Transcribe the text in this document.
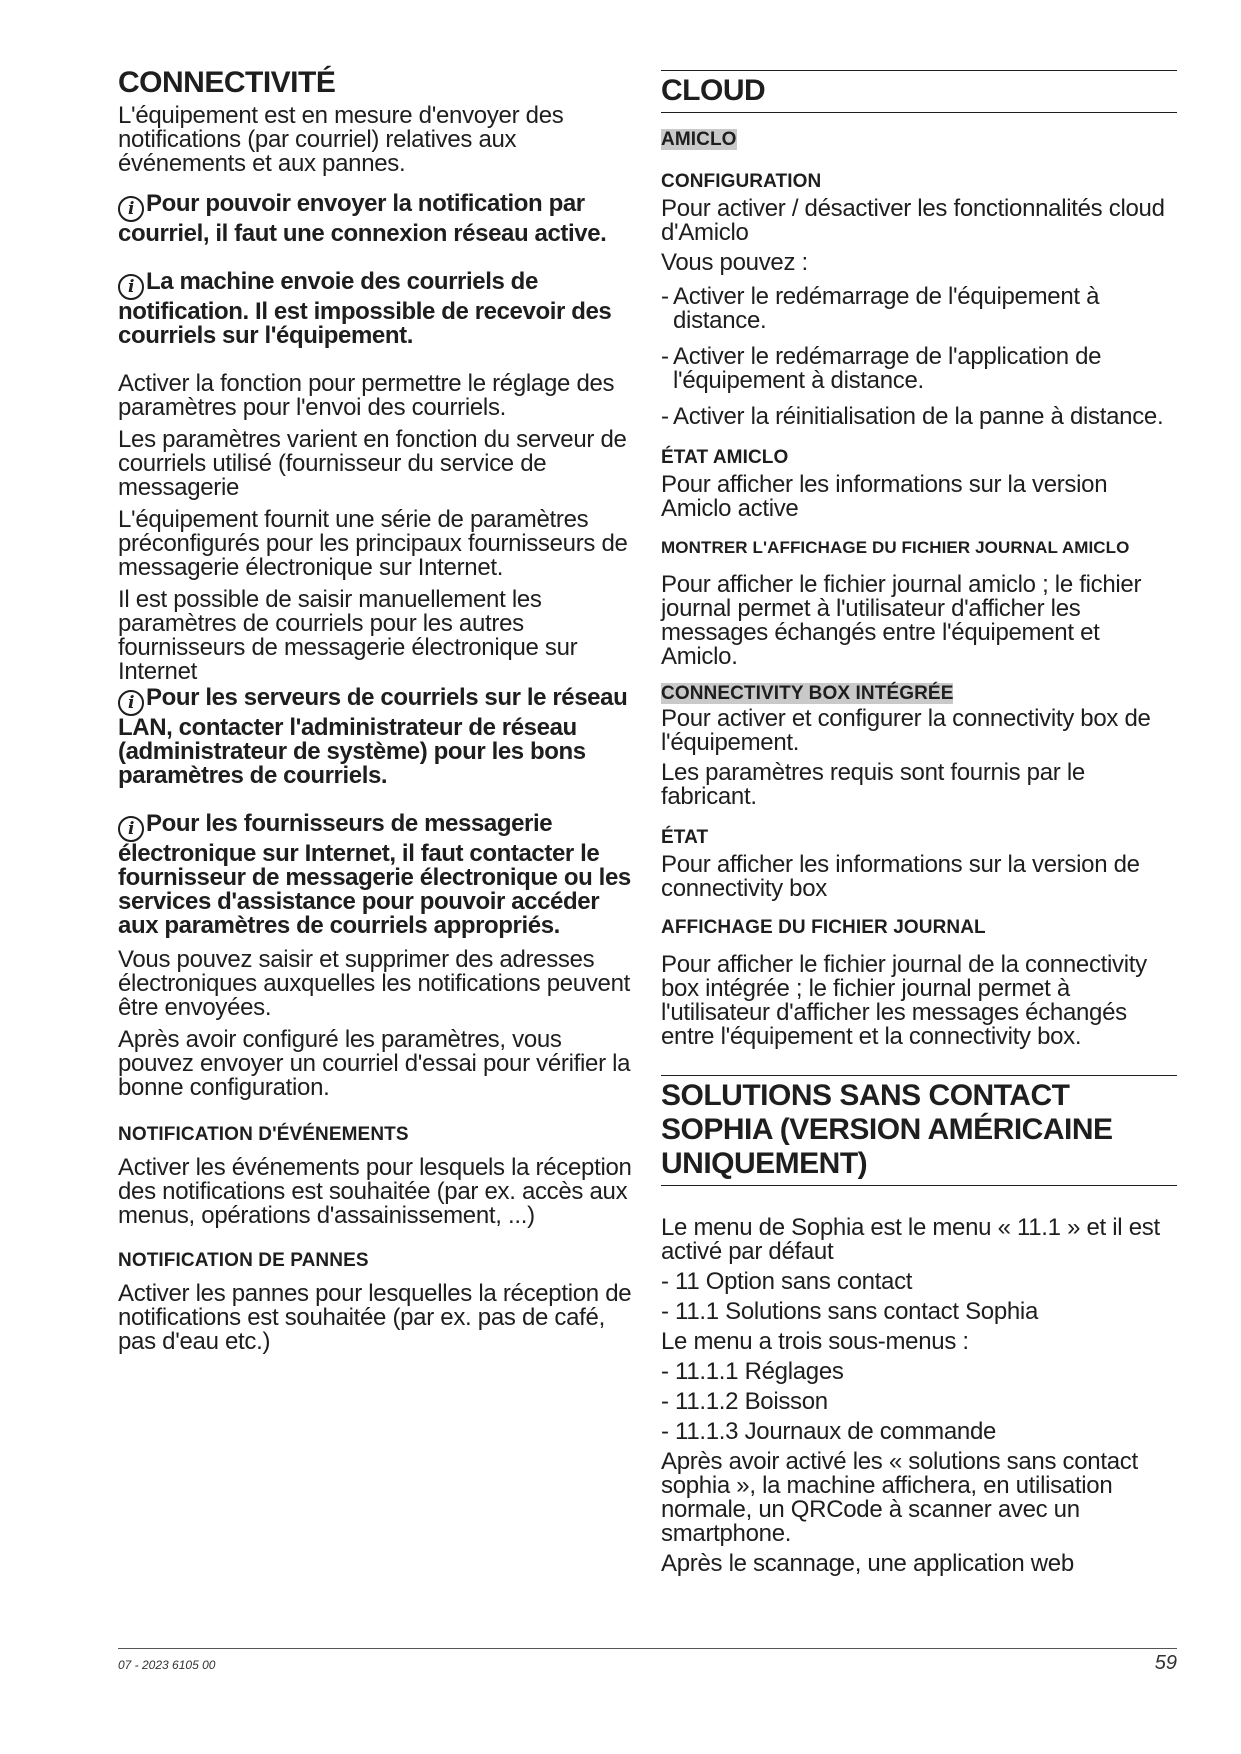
CONNECTIVITÉ

L'équipement est en mesure d'envoyer des notifications (par courriel) relatives aux événements et aux pannes.

i Pour pouvoir envoyer la notification par courriel, il faut une connexion réseau active.

i La machine envoie des courriels de notification. Il est impossible de recevoir des courriels sur l'équipement.

Activer la fonction pour permettre le réglage des paramètres pour l'envoi des courriels.

Les paramètres varient en fonction du serveur de courriels utilisé (fournisseur du service de messagerie

L'équipement fournit une série de paramètres préconfigurés pour les principaux fournisseurs de messagerie électronique sur Internet.

Il est possible de saisir manuellement les paramètres de courriels pour les autres fournisseurs de messagerie électronique sur Internet

i Pour les serveurs de courriels sur le réseau LAN, contacter l'administrateur de réseau (administrateur de système) pour les bons paramètres de courriels.

i Pour les fournisseurs de messagerie électronique sur Internet, il faut contacter le fournisseur de messagerie électronique ou les services d'assistance pour pouvoir accéder aux paramètres de courriels appropriés.

Vous pouvez saisir et supprimer des adresses électroniques auxquelles les notifications peuvent être envoyées.

Après avoir configuré les paramètres, vous pouvez envoyer un courriel d'essai pour vérifier la bonne configuration.

NOTIFICATION D'ÉVÉNEMENTS

Activer les événements pour lesquels la réception des notifications est souhaitée (par ex. accès aux menus, opérations d'assainissement, ...)

NOTIFICATION DE PANNES

Activer les pannes pour lesquelles la réception de notifications est souhaitée (par ex. pas de café, pas d'eau etc.)

CLOUD
AMICLO
CONFIGURATION

Pour activer / désactiver les fonctionnalités cloud d'Amiclo

Vous pouvez :

- Activer le redémarrage de l'équipement à distance.
- Activer le redémarrage de l'application de l'équipement à distance.
- Activer la réinitialisation de la panne à distance.
ÉTAT AMICLO

Pour afficher les informations sur la version Amiclo active

MONTRER L'AFFICHAGE DU FICHIER JOURNAL AMICLO

Pour afficher le fichier journal amiclo ; le fichier journal permet à l'utilisateur d'afficher les messages échangés entre l'équipement et Amiclo.

CONNECTIVITY BOX INTÉGRÉE

Pour activer et configurer la connectivity box de l'équipement.

Les paramètres requis sont fournis par le fabricant.

ÉTAT

Pour afficher les informations sur la version de connectivity box

AFFICHAGE DU FICHIER JOURNAL

Pour afficher le fichier journal de la connectivity box intégrée ; le fichier journal permet à l'utilisateur d'afficher les messages échangés entre l'équipement et la connectivity box.

SOLUTIONS SANS CONTACT SOPHIA (VERSION AMÉRICAINE UNIQUEMENT)

Le menu de Sophia est le menu « 11.1 » et il est activé par défaut

- 11 Option sans contact

- 11.1 Solutions sans contact Sophia

Le menu a trois sous-menus :

- 11.1.1 Réglages

- 11.1.2 Boisson

- 11.1.3 Journaux de commande

Après avoir activé les « solutions sans contact sophia », la machine affichera, en utilisation normale, un QRCode à scanner avec un smartphone.

Après le scannage, une application web

07 - 2023 6105 00	59
